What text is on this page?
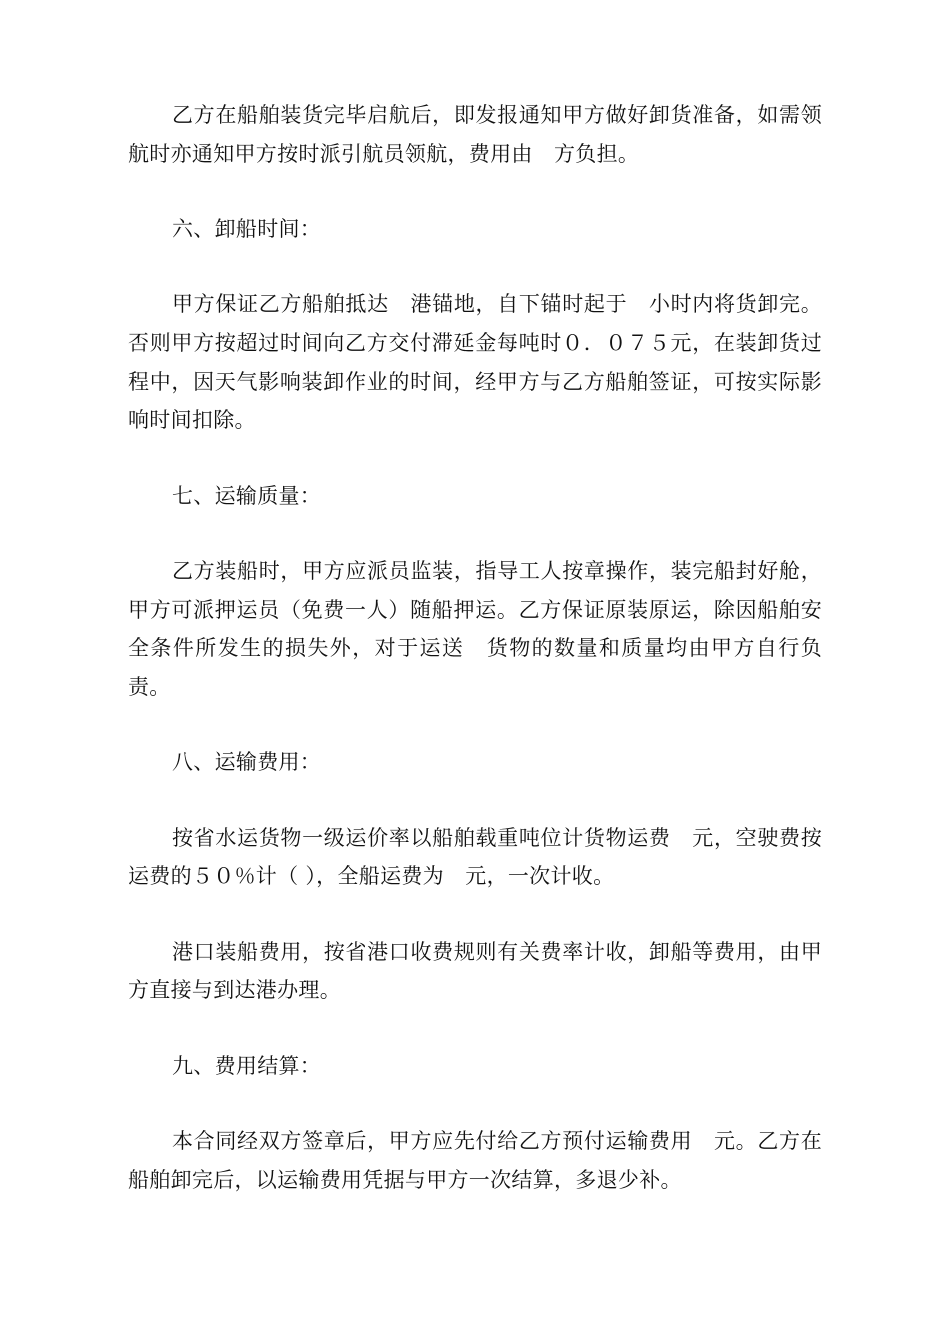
乙方在船舶装货完毕启航后，即发报通知甲方做好卸货准备，如需领航时亦通知甲方按时派引航员领航，费用由　方负担。

六、卸船时间：

甲方保证乙方船舶抵达　港锚地，自下锚时起于　小时内将货卸完。否则甲方按超过时间向乙方交付滞延金每吨时０．０７５元，在装卸货过程中，因天气影响装卸作业的时间，经甲方与乙方船舶签证，可按实际影响时间扣除。

七、运输质量：

乙方装船时，甲方应派员监装，指导工人按章操作，装完船封好舱，甲方可派押运员（免费一人）随船押运。乙方保证原装原运，除因船舶安全条件所发生的损失外，对于运送　货物的数量和质量均由甲方自行负责。

八、运输费用：

按省水运货物一级运价率以船舶载重吨位计货物运费　元，空驶费按运费的５０％计（ ），全船运费为　元，一次计收。

港口装船费用，按省港口收费规则有关费率计收，卸船等费用，由甲方直接与到达港办理。

九、费用结算：

本合同经双方签章后，甲方应先付给乙方预付运输费用　元。乙方在船舶卸完后，以运输费用凭据与甲方一次结算，多退少补。
